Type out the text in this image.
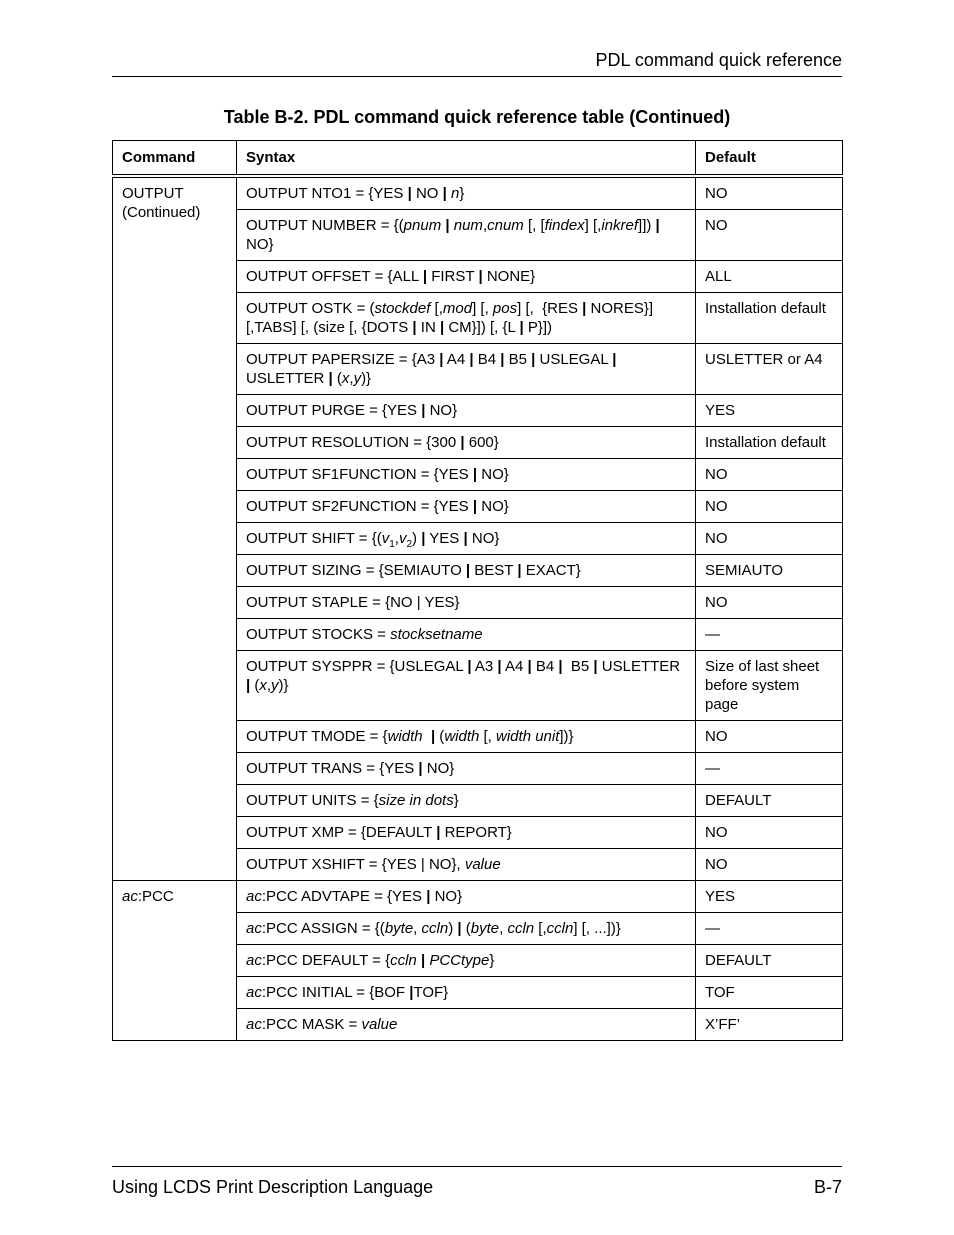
PDL command quick reference
Table B-2. PDL command quick reference table (Continued)
Command	Syntax	Default
OUTPUT
(Continued)	OUTPUT NTO1 = {YES | NO | n}	NO
	OUTPUT NUMBER = {(pnum | num,cnum [, [findex] [,inkref]]) | NO}	NO
	OUTPUT OFFSET = {ALL | FIRST | NONE}	ALL
	OUTPUT OSTK = (stockdef [,mod] [, pos] [,  {RES | NORES}] [,TABS] [, (size [, {DOTS | IN | CM}]) [, {L | P}])	Installation default
	OUTPUT PAPERSIZE = {A3 | A4 | B4 | B5 | USLEGAL | USLETTER | (x,y)}	USLETTER or A4
	OUTPUT PURGE = {YES | NO}	YES
	OUTPUT RESOLUTION = {300 | 600}	Installation default
	OUTPUT SF1FUNCTION = {YES | NO}	NO
	OUTPUT SF2FUNCTION = {YES | NO}	NO
	OUTPUT SHIFT = {$(v_1,v_2)$ | YES | NO}	NO
	OUTPUT SIZING = {SEMIAUTO | BEST | EXACT}	SEMIAUTO
	OUTPUT STAPLE = {NO | YES}	NO
	OUTPUT STOCKS = stocksetname	—
	OUTPUT SYSPPR = {USLEGAL | A3 | A4 | B4 |  B5 | USLETTER | (x,y)}	Size of last sheet before system page
	OUTPUT TMODE = {width | (width [, width unit])}	NO
	OUTPUT TRANS = {YES | NO}	—
	OUTPUT UNITS = {size in dots}	DEFAULT
	OUTPUT XMP = {DEFAULT | REPORT}	NO
	OUTPUT XSHIFT = {YES | NO}, value	NO
ac:PCC	ac:PCC ADVTAPE = {YES | NO}	YES
	ac:PCC ASSIGN = {(byte, ccln) | (byte, ccln [,ccln] [, ...])}	—
	ac:PCC DEFAULT = {ccln | PCCtype}	DEFAULT
	ac:PCC INITIAL = {BOF |TOF}	TOF
	ac:PCC MASK = value	X’FF’
Using LCDS Print Description Language	B-7
